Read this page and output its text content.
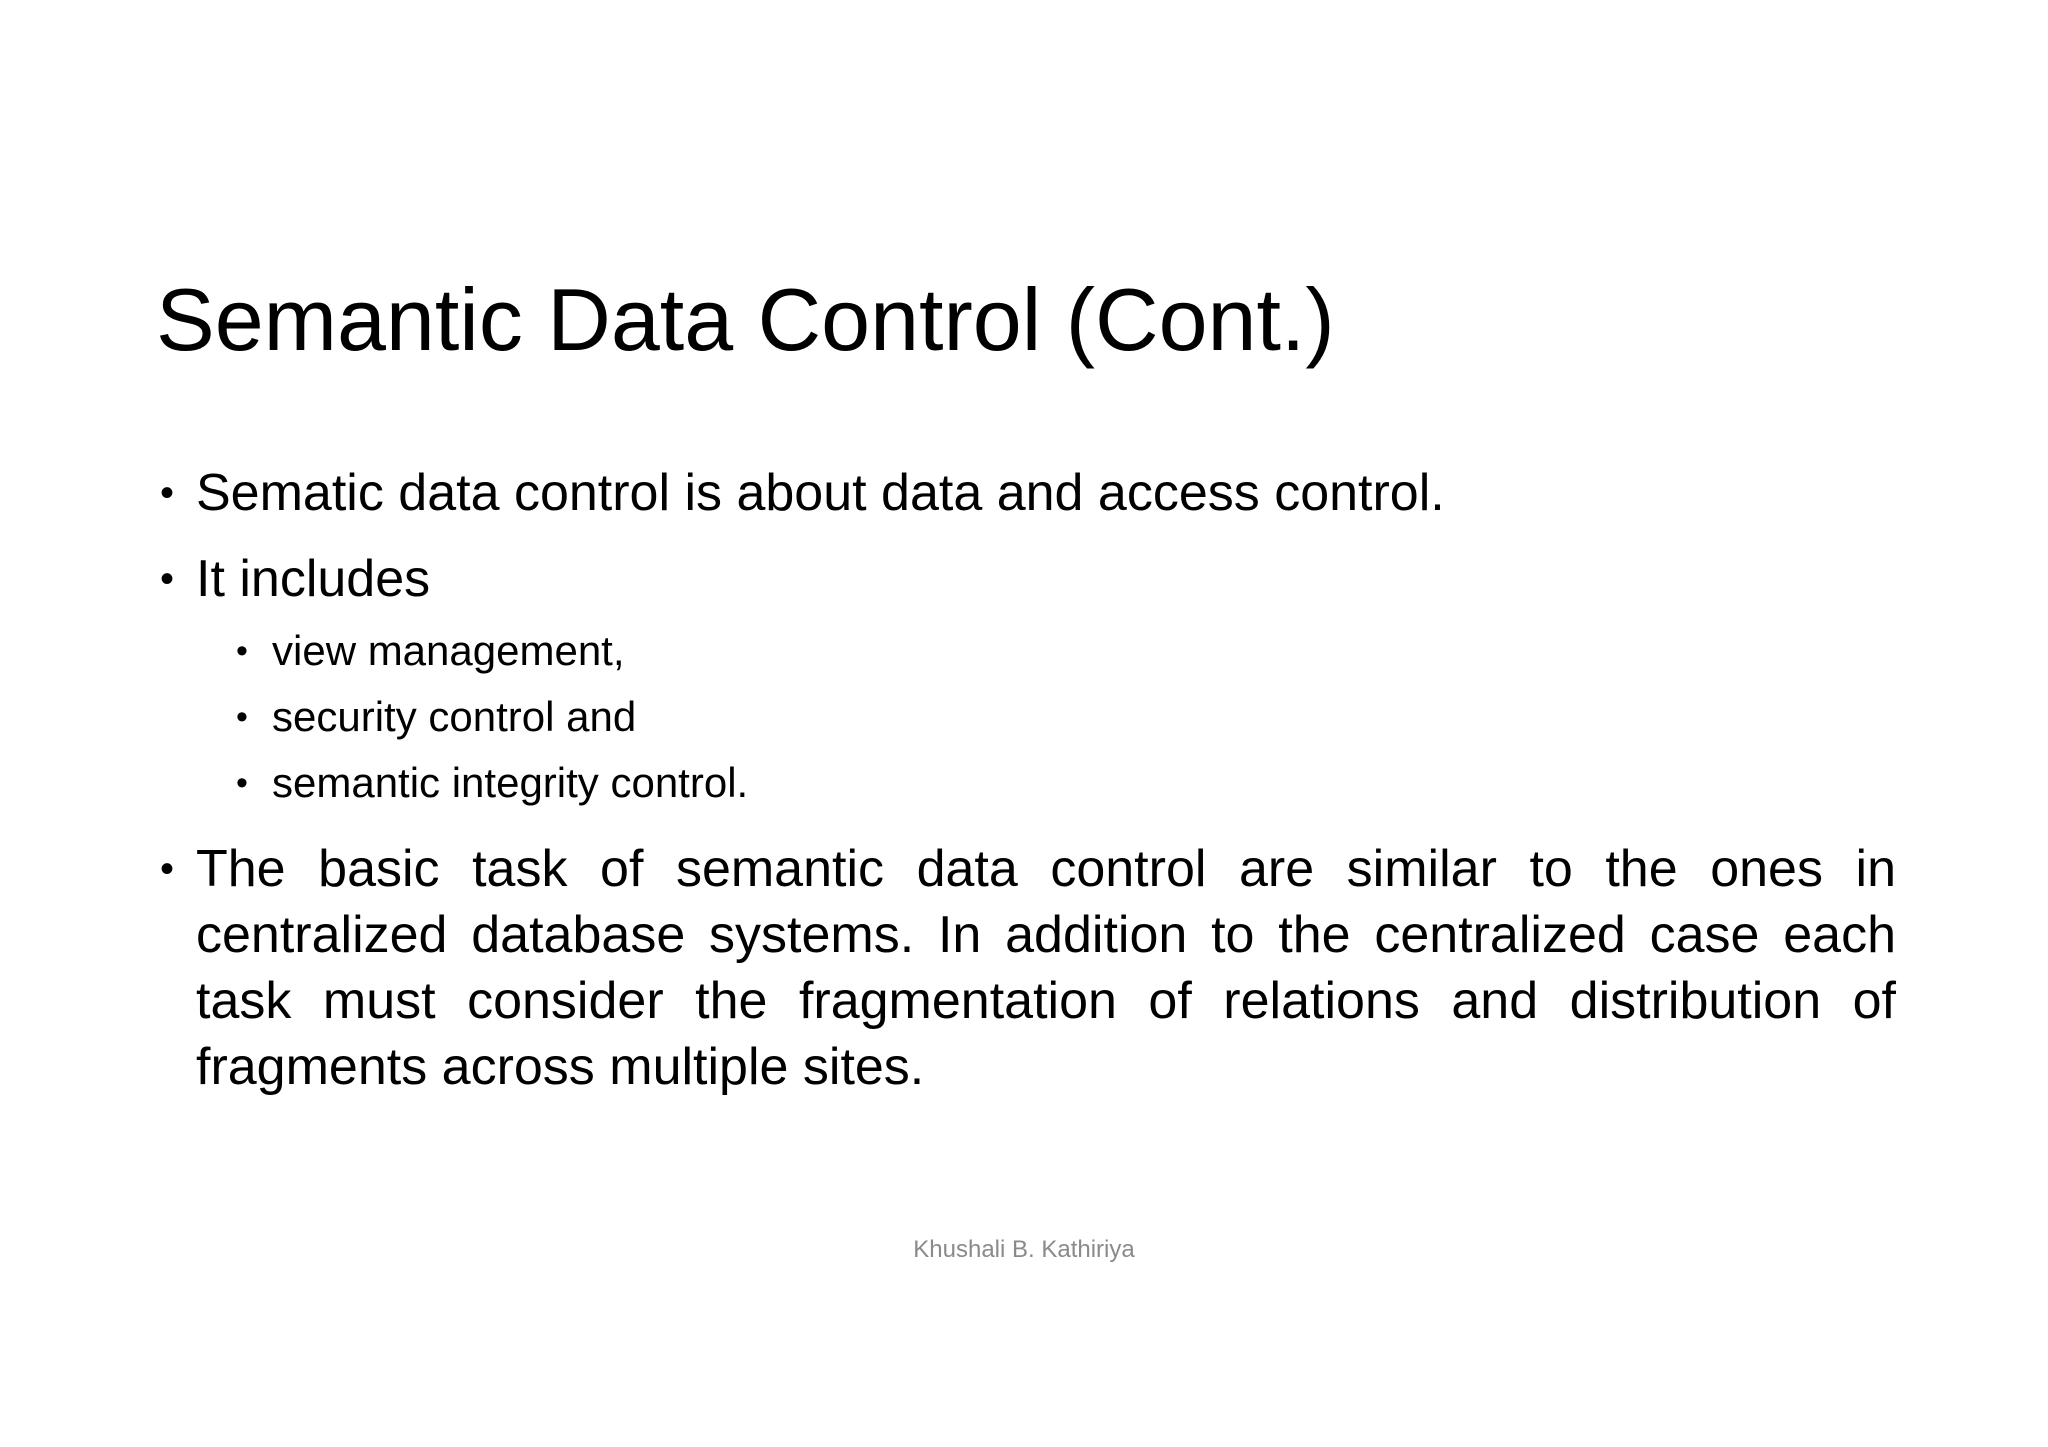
Semantic Data Control (Cont.)
• Sematic data control is about data and access control.
• It includes
• view management,
• security control and
• semantic integrity control.
• The basic task of semantic data control are similar to the ones in centralized database systems. In addition to the centralized case each task must consider the fragmentation of relations and distribution of fragments across multiple sites.
Khushali B. Kathiriya
